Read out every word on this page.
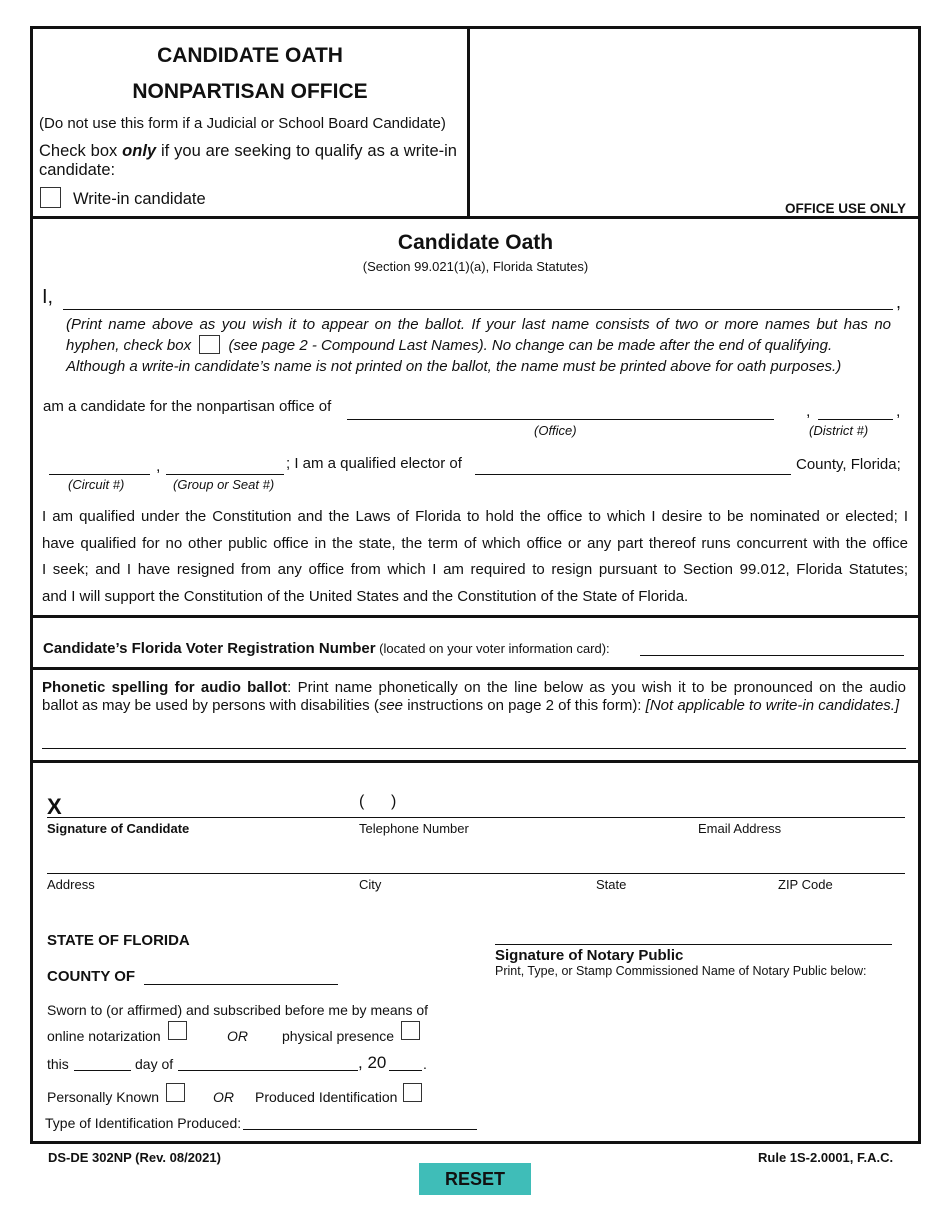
CANDIDATE OATH
NONPARTISAN OFFICE
(Do not use this form if a Judicial or School Board Candidate)
Check box only if you are seeking to qualify as a write-in candidate:
Write-in candidate
OFFICE USE ONLY
Candidate Oath
(Section 99.021(1)(a), Florida Statutes)
I,	,
(Print name above as you wish it to appear on the ballot. If your last name consists of two or more names but has no
hyphen, check box (see page 2 - Compound Last Names). No change can be made after the end of qualifying.
Although a write-in candidate’s name is not printed on the ballot, the name must be printed above for oath purposes.)
am a candidate for the nonpartisan office of	,	,
(Office)	(District #)
,	; I am a qualified elector of	County, Florida;
(Circuit #)	(Group or Seat #)
I am qualified under the Constitution and the Laws of Florida to hold the office to which I desire to be nominated or elected; I
have qualified for no other public office in the state, the term of which office or any part thereof runs concurrent with the office
I seek; and I have resigned from any office from which I am required to resign pursuant to Section 99.012, Florida Statutes;
and I will support the Constitution of the United States and the Constitution of the State of Florida.
Candidate’s Florida Voter Registration Number (located on your voter information card):
Phonetic spelling for audio ballot: Print name phonetically on the line below as you wish it to be pronounced on the audio
ballot as may be used by persons with disabilities (see instructions on page 2 of this form): [Not applicable to write-in candidates.]
X	(      )
Signature of Candidate	Telephone Number	Email Address
Address	City	State	ZIP Code
STATE OF FLORIDA
COUNTY OF
Sworn to (or affirmed) and subscribed before me by means of
online notarization	OR physical presence
this	day of	, 20	.
Personally Known	OR Produced Identification
Type of Identification Produced:
Signature of Notary Public
Print, Type, or Stamp Commissioned Name of Notary Public below:
DS-DE 302NP (Rev. 08/2021)	Rule 1S-2.0001, F.A.C.
RESET
